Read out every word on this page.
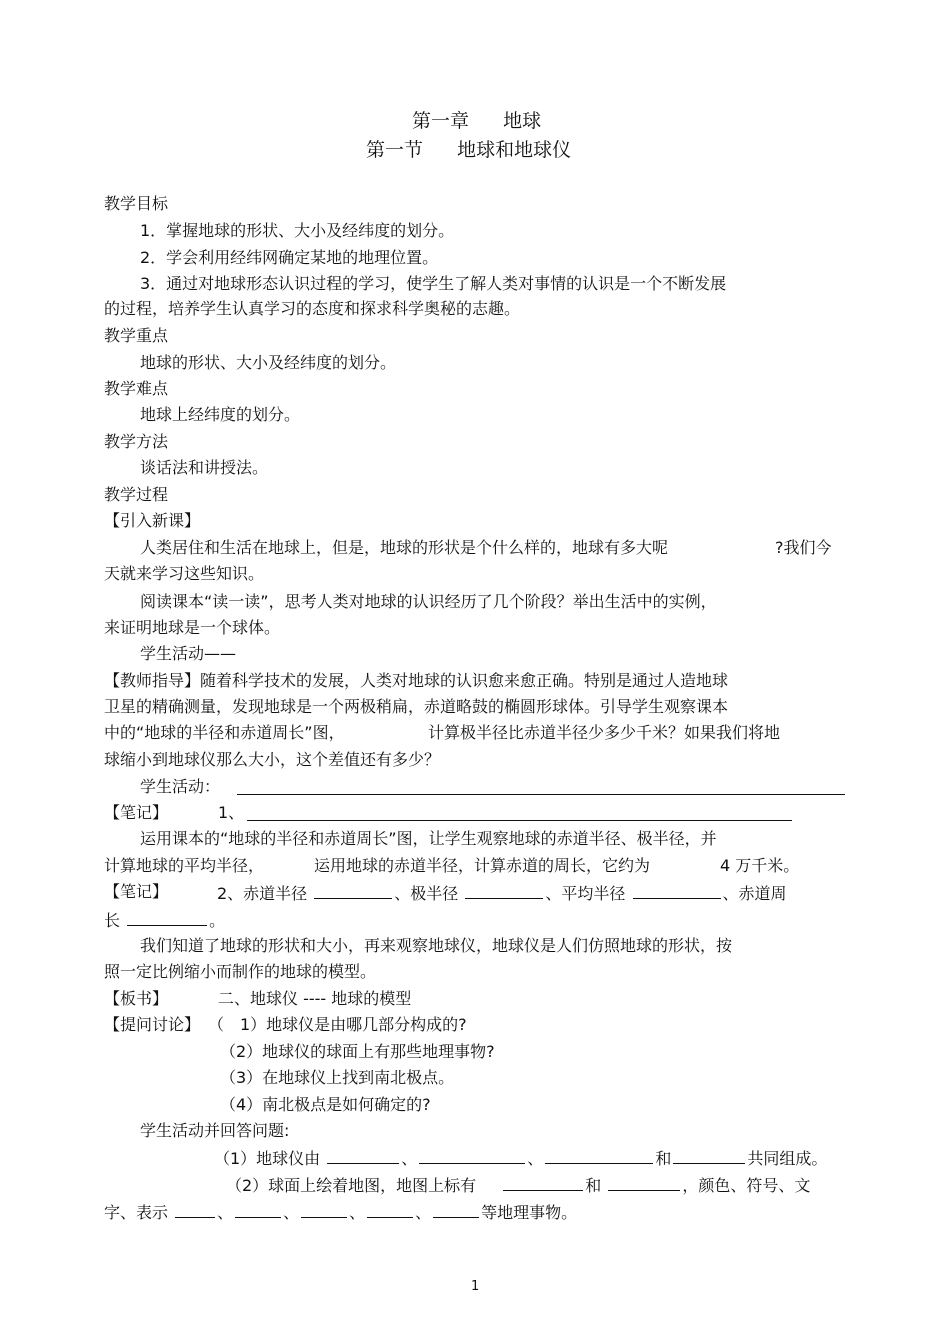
第一章 地球
第一节 地球和地球仪
教学目标
1．掌握地球的形状、大小及经纬度的划分。
2．学会利用经纬网确定某地的地理位置。
3．通过对地球形态认识过程的学习，使学生了解人类对事情的认识是一个不断发展
的过程，培养学生认真学习的态度和探求科学奥秘的志趣。
教学重点
地球的形状、大小及经纬度的划分。
教学难点
地球上经纬度的划分。
教学方法
谈话法和讲授法。
教学过程
【引入新课】
人类居住和生活在地球上，但是，地球的形状是个什么样的，地球有多大呢	?我们今
天就来学习这些知识。
阅读课本“读一读”，思考人类对地球的认识经历了几个阶段？举出生活中的实例，
来证明地球是一个球体。
学生活动——
【教师指导】随着科学技术的发展，人类对地球的认识愈来愈正确。特别是通过人造地球
卫星的精确测量，发现地球是一个两极稍扁，赤道略鼓的椭圆形球体。引导学生观察课本
中的“地球的半径和赤道周长”图，	计算极半径比赤道半径少多少千米？如果我们将地
球缩小到地球仪那么大小，这个差值还有多少？
学生活动：
【笔记】	1、
运用课本的“地球的半径和赤道周长”图，让学生观察地球的赤道半径、极半径，并
计算地球的平均半径，	运用地球的赤道半径，计算赤道的周长，它约为	4 万千米。
【笔记】	2、赤道半径	、极半径	、平均半径	、赤道周
长	。
我们知道了地球的形状和大小，再来观察地球仪，地球仪是人们仿照地球的形状，按
照一定比例缩小而制作的地球的模型。
【板书】	二、地球仪 ---- 地球的模型
【提问讨论】 （ 1）地球仪是由哪几部分构成的?
（2）地球仪的球面上有那些地理事物?
（3）在地球仪上找到南北极点。
（4）南北极点是如何确定的?
学生活动并回答问题:
（1）地球仪由	、	、	和	共同组成。
（2）球面上绘着地图，地图上标有	和	，颜色、符号、文
字、表示	、	、	、	、	等地理事物。
1
